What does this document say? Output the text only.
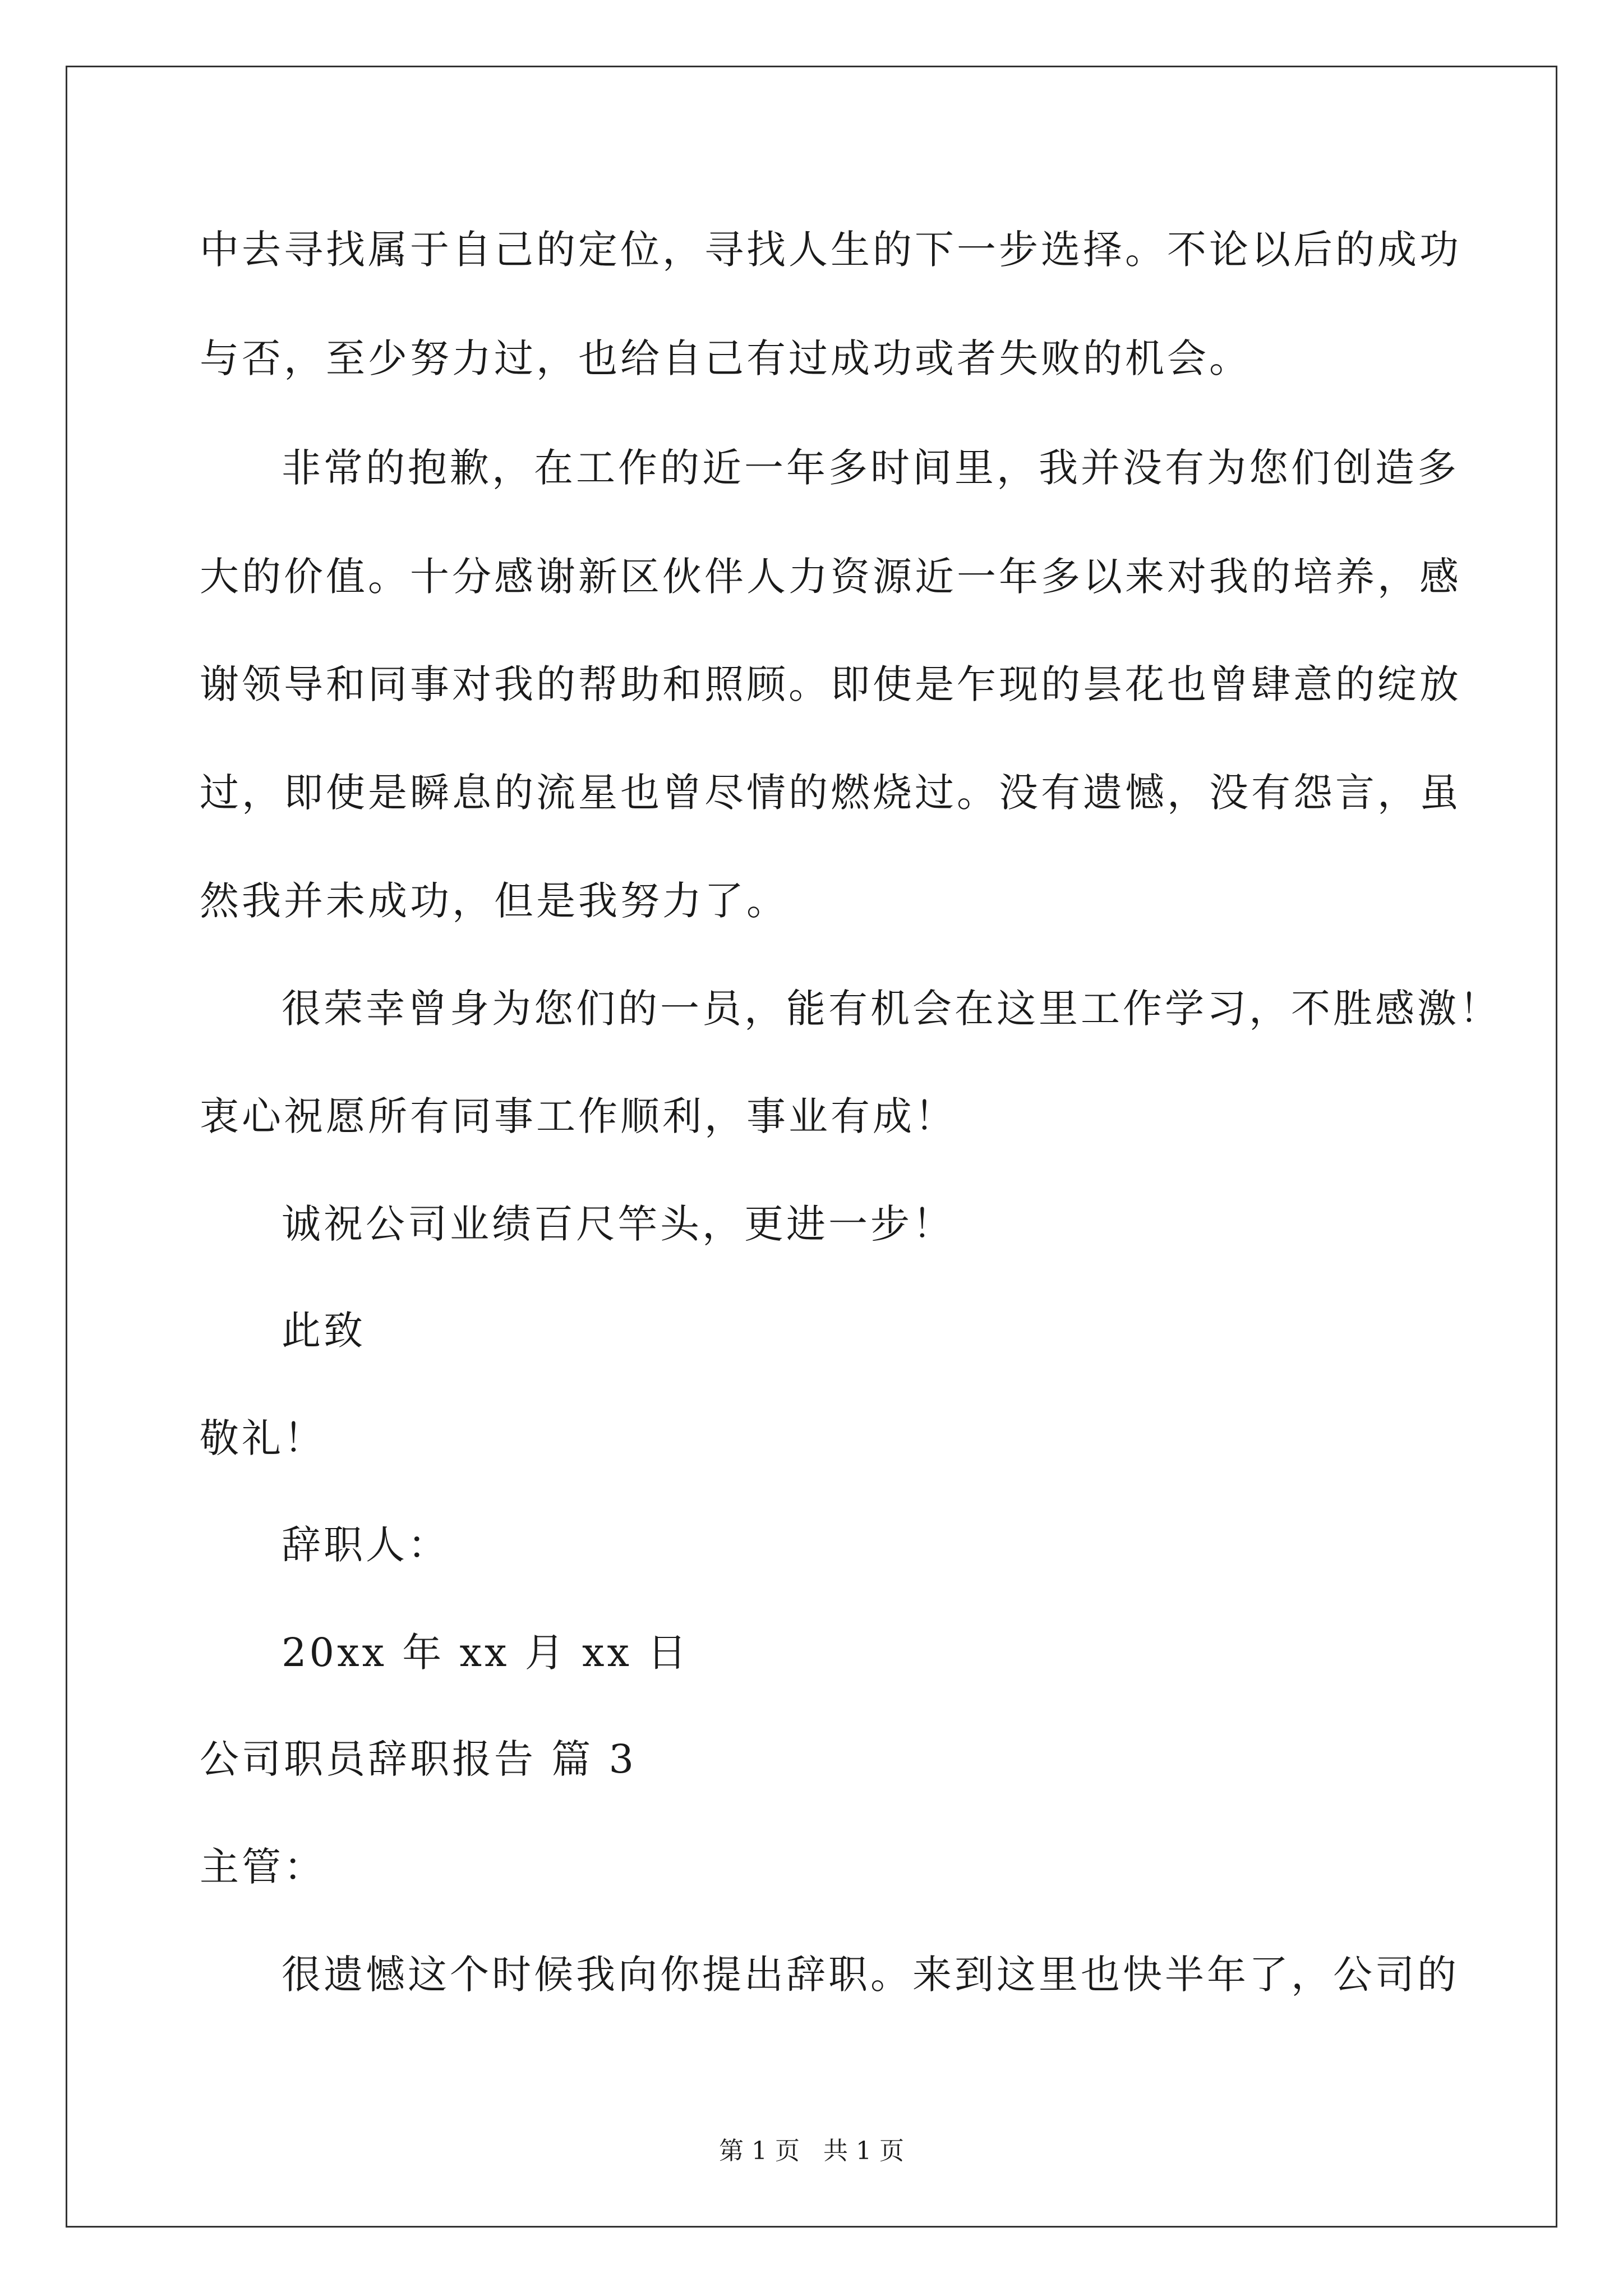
中去寻找属于自己的定位，寻找人生的下一步选择。不论以后的成功
与否，至少努力过，也给自己有过成功或者失败的机会。
非常的抱歉，在工作的近一年多时间里，我并没有为您们创造多
大的价值。十分感谢新区伙伴人力资源近一年多以来对我的培养，感
谢领导和同事对我的帮助和照顾。即使是乍现的昙花也曾肆意的绽放
过，即使是瞬息的流星也曾尽情的燃烧过。没有遗憾，没有怨言，虽
然我并未成功，但是我努力了。
很荣幸曾身为您们的一员，能有机会在这里工作学习，不胜感激！
衷心祝愿所有同事工作顺利，事业有成！
诚祝公司业绩百尺竿头，更进一步！
此致
敬礼！
辞职人：
20xx 年 xx 月 xx 日
公司职员辞职报告 篇 3
主管：
很遗憾这个时候我向你提出辞职。来到这里也快半年了，公司的
第 1 页   共 1 页
